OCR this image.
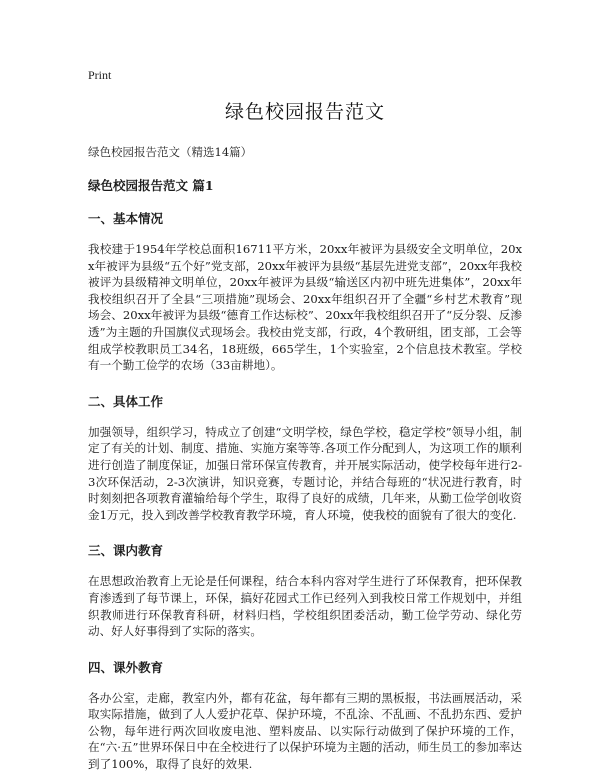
Print
绿色校园报告范文
绿色校园报告范文（精选14篇）
绿色校园报告范文 篇1
一、基本情况

我校建于1954年学校总面积16711平方米，20xx年被评为县级安全文明单位，20xx年被评为县级“五个好”党支部，20xx年被评为县级“基层先进党支部”，20xx年我校被评为县级精神文明单位，20xx年被评为县级“输送区内初中班先进集体”，20xx年我校组织召开了全县“三项措施”现场会、20xx年组织召开了全疆“乡村艺术教育”现场会、20xx年被评为县级“德育工作达标校”、20xx年我校组织召开了“反分裂、反渗透”为主题的升国旗仪式现场会。我校由党支部，行政，4个教研组，团支部，工会等组成学校教职员工34名，18班级，665学生，1个实验室，2个信息技术教室。学校有一个勤工俭学的农场（33亩耕地）。

二、具体工作

加强领导，组织学习，特成立了创建“文明学校，绿色学校，稳定学校”领导小组，制定了有关的计划、制度、措施、实施方案等等.各项工作分配到人，为这项工作的顺利进行创造了制度保证，加强日常环保宣传教育，并开展实际活动，使学校每年进行2-3次环保活动，2-3次演讲，知识竞赛，专题讨论，并结合每班的“状况进行教育，时时刻刻把各项教育灌输给每个学生，取得了良好的成绩，几年来，从勤工俭学创收资金1万元，投入到改善学校教育教学环境，育人环境，使我校的面貌有了很大的变化.

三、课内教育

在思想政治教育上无论是任何课程，结合本科内容对学生进行了环保教育，把环保教育渗透到了每节课上，环保，搞好花园式工作已经列入到我校日常工作规划中，并组织教师进行环保教育科研，材料归档，学校组织团委活动，勤工俭学劳动、绿化劳动、好人好事得到了实际的落实。

四、课外教育

各办公室，走廊，教室内外，都有花盆，每年都有三期的黑板报，书法画展活动，采取实际措施，做到了人人爱护花草、保护环境，不乱涂、不乱画、不乱扔东西、爱护公物，每年进行两次回收废电池、塑料废品、以实际行动做到了保护环境的工作，在“六·五”世界环保日中在全校进行了以保护环境为主题的活动，师生员工的参加率达到了100%，取得了良好的效果.
